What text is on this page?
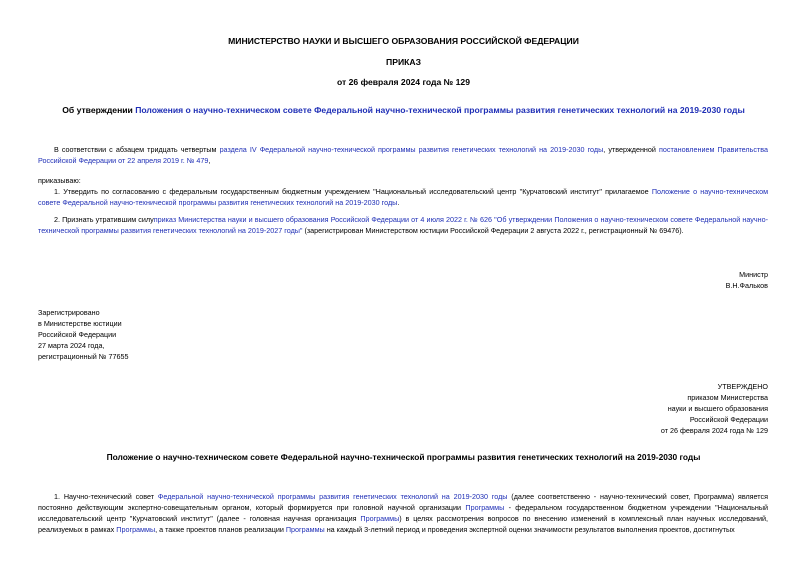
МИНИСТЕРСТВО НАУКИ И ВЫСШЕГО ОБРАЗОВАНИЯ РОССИЙСКОЙ ФЕДЕРАЦИИ
ПРИКАЗ
от 26 февраля 2024 года № 129
Об утверждении Положения о научно-техническом совете Федеральной научно-технической программы развития генетических технологий на 2019-2030 годы
В соответствии с абзацем тридцать четвертым раздела IV Федеральной научно-технической программы развития генетических технологий на 2019-2030 годы, утвержденной постановлением Правительства Российской Федерации от 22 апреля 2019 г. № 479,
приказываю:
1. Утвердить по согласованию с федеральным государственным бюджетным учреждением "Национальный исследовательский центр "Курчатовский институт" прилагаемое Положение о научно-техническом совете Федеральной научно-технической программы развития генетических технологий на 2019-2030 годы.
2. Признать утратившим силуприказ Министерства науки и высшего образования Российской Федерации от 4 июля 2022 г. № 626 "Об утверждении Положения о научно-техническом совете Федеральной научно-технической программы развития генетических технологий на 2019-2027 годы" (зарегистрирован Министерством юстиции Российской Федерации 2 августа 2022 г., регистрационный № 69476).

Министр

В.Н.Фальков

Зарегистрировано

в Министерстве юстиции

Российской Федерации

27 марта 2024 года,

регистрационный № 77655

УТВЕРЖДЕНО

приказом Министерства

науки и высшего образования

Российской Федерации

от 26 февраля 2024 года № 129

Положение о научно-техническом совете Федеральной научно-технической программы развития генетических технологий на 2019-2030 годы
1. Научно-технический совет Федеральной научно-технической программы развития генетических технологий на 2019-2030 годы (далее соответственно - научно-технический совет, Программа) является постоянно действующим экспертно-совещательным органом, который формируется при головной научной организации Программы - федеральном государственном бюджетном учреждении "Национальный исследовательский центр "Курчатовский институт" (далее - головная научная организация Программы) в целях рассмотрения вопросов по внесению изменений в комплексный план научных исследований, реализуемых в рамках Программы, а также проектов планов реализации Программы на каждый 3-летний период и проведения экспертной оценки значимости результатов выполнения проектов, достигнутых
